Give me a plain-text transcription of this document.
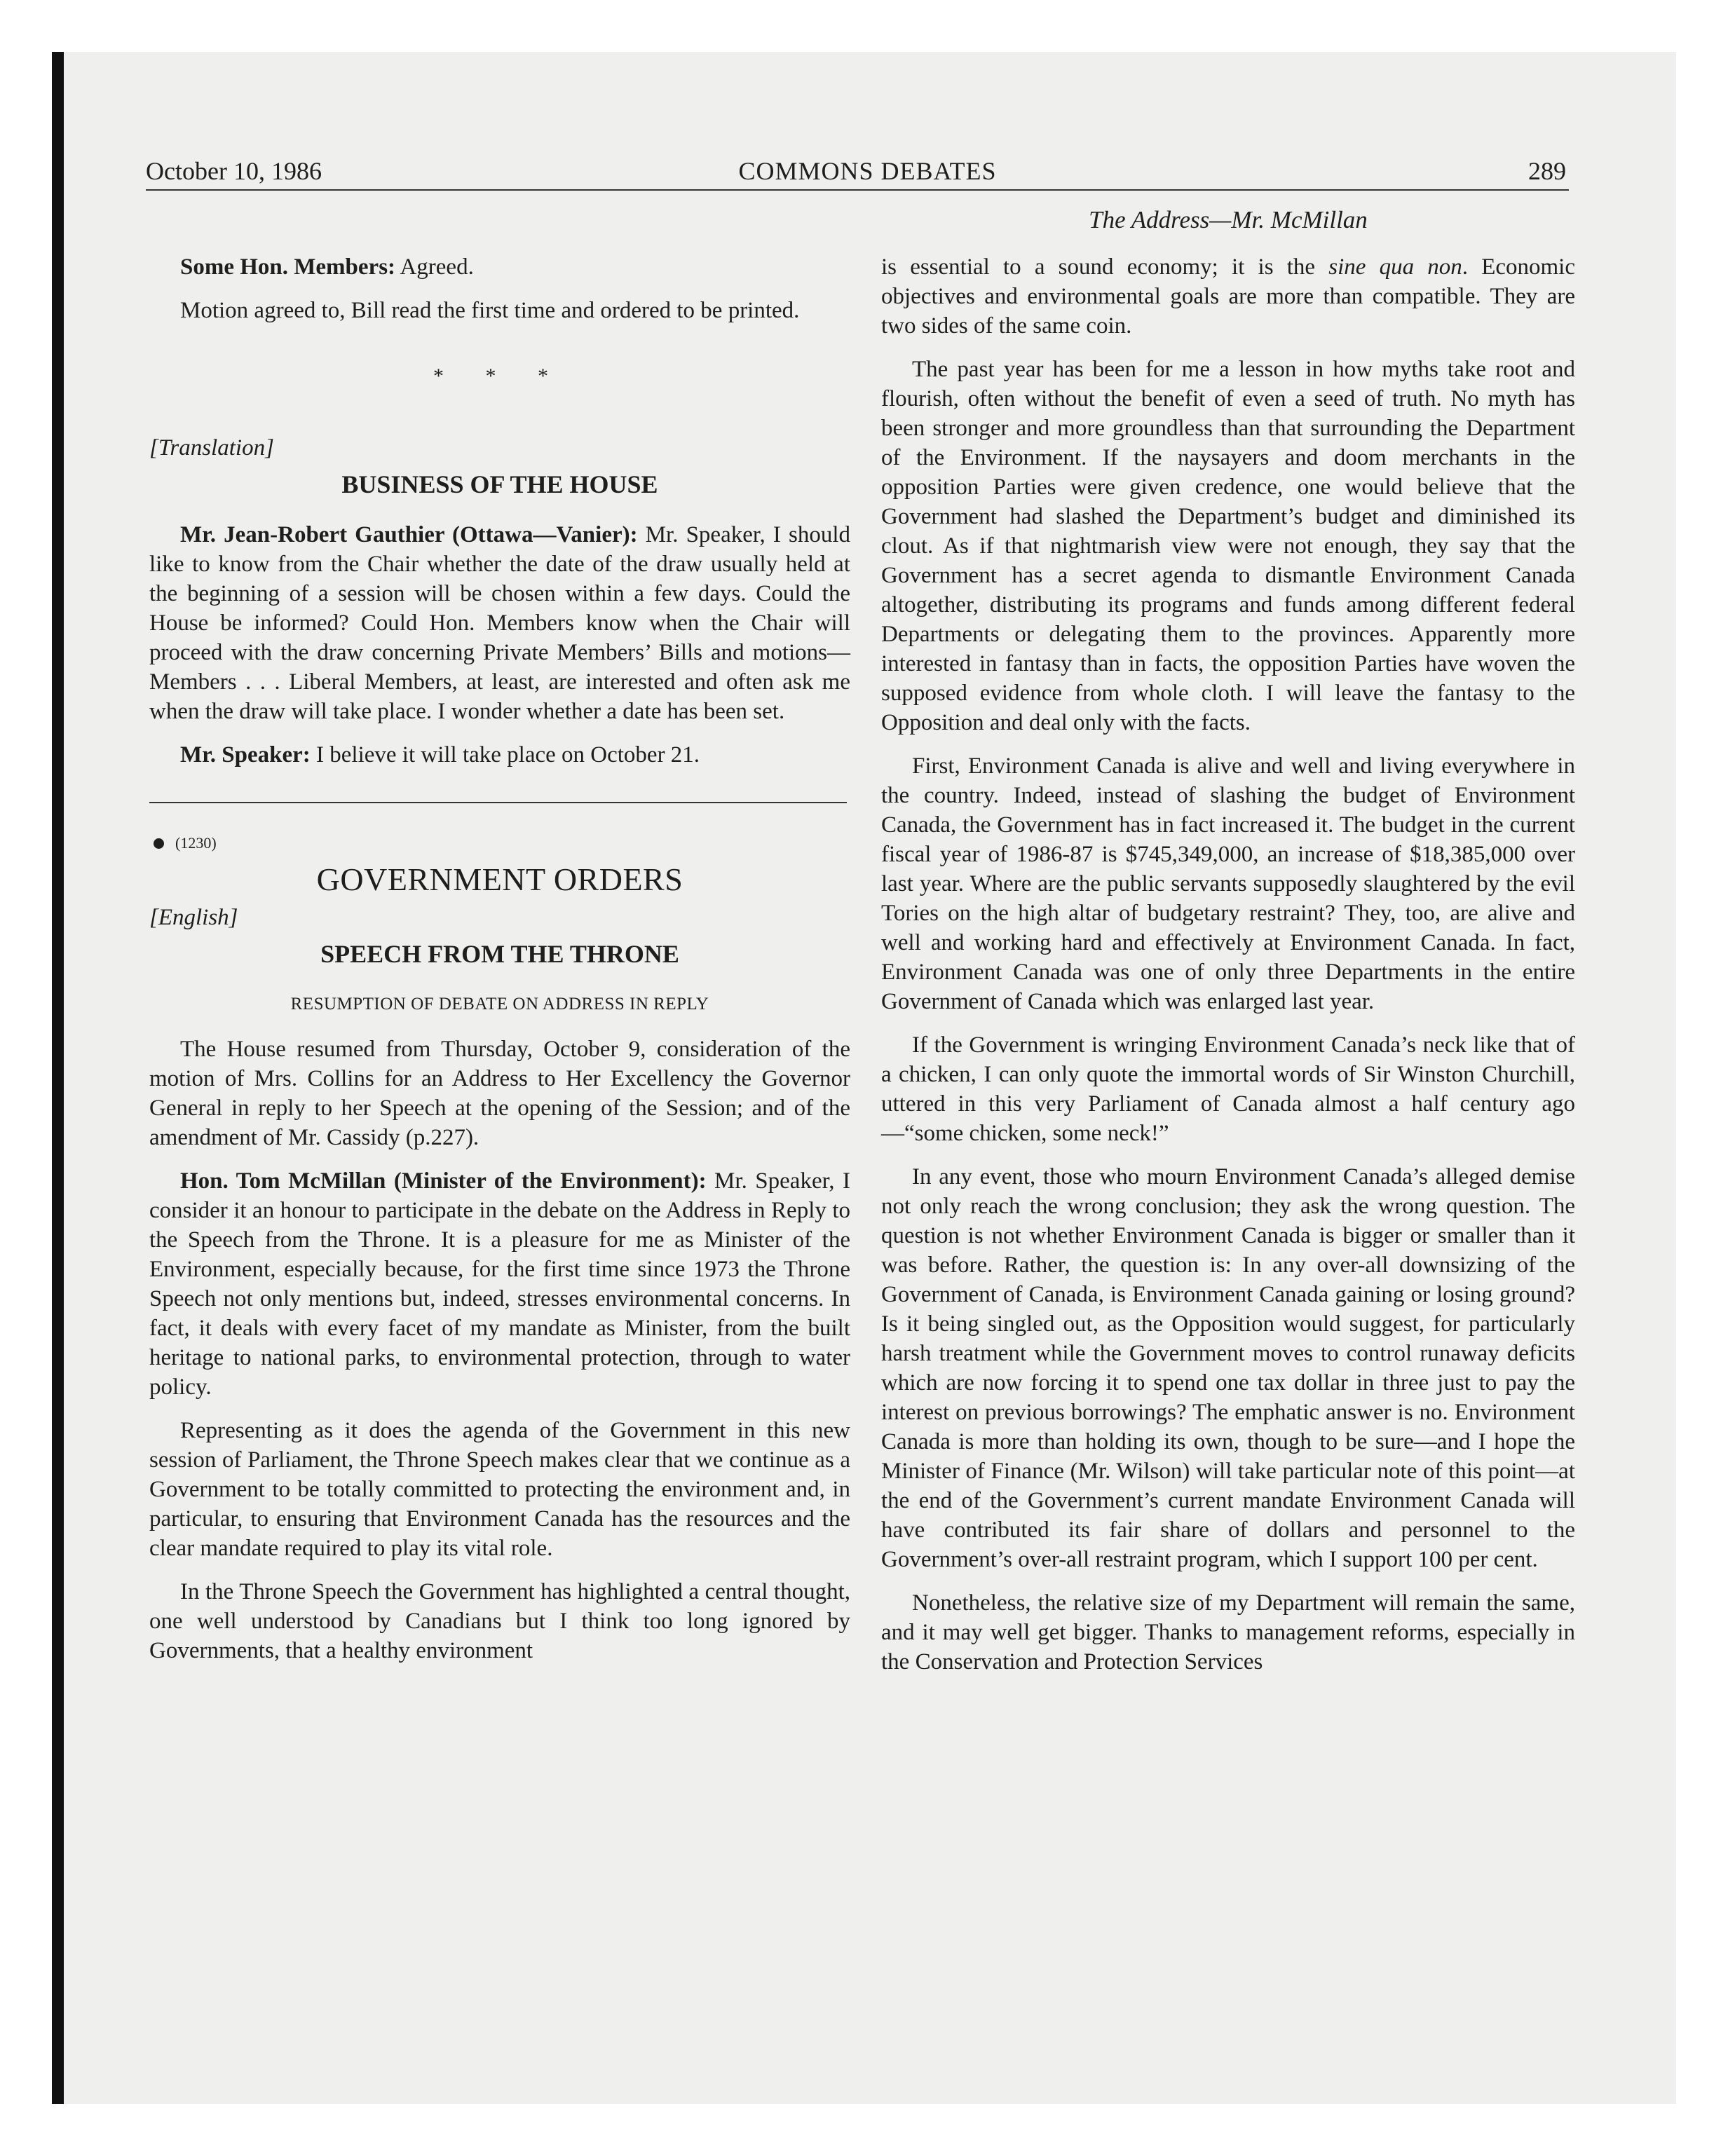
October 10, 1986	COMMONS DEBATES	289
The Address—Mr. McMillan

Some Hon. Members: Agreed.

Motion agreed to, Bill read the first time and ordered to be printed.

* * *

[Translation]

BUSINESS OF THE HOUSE

Mr. Jean-Robert Gauthier (Ottawa—Vanier): Mr. Speaker, I should like to know from the Chair whether the date of the draw usually held at the beginning of a session will be chosen within a few days. Could the House be informed? Could Hon. Members know when the Chair will proceed with the draw concerning Private Members’ Bills and motions—Members . . . Liberal Members, at least, are interested and often ask me when the draw will take place. I wonder whether a date has been set.

Mr. Speaker: I believe it will take place on October 21.

(1230)

GOVERNMENT ORDERS

[English]

SPEECH FROM THE THRONE

RESUMPTION OF DEBATE ON ADDRESS IN REPLY

The House resumed from Thursday, October 9, consideration of the motion of Mrs. Collins for an Address to Her Excellency the Governor General in reply to her Speech at the opening of the Session; and of the amendment of Mr. Cassidy (p.227).

Hon. Tom McMillan (Minister of the Environment): Mr. Speaker, I consider it an honour to participate in the debate on the Address in Reply to the Speech from the Throne. It is a pleasure for me as Minister of the Environment, especially because, for the first time since 1973 the Throne Speech not only mentions but, indeed, stresses environmental concerns. In fact, it deals with every facet of my mandate as Minister, from the built heritage to national parks, to environmental protection, through to water policy.

Representing as it does the agenda of the Government in this new session of Parliament, the Throne Speech makes clear that we continue as a Government to be totally committed to protecting the environment and, in particular, to ensuring that Environment Canada has the resources and the clear mandate required to play its vital role.

In the Throne Speech the Government has highlighted a central thought, one well understood by Canadians but I think too long ignored by Governments, that a healthy environment

is essential to a sound economy; it is the sine qua non. Economic objectives and environmental goals are more than compatible. They are two sides of the same coin.

The past year has been for me a lesson in how myths take root and flourish, often without the benefit of even a seed of truth. No myth has been stronger and more groundless than that surrounding the Department of the Environment. If the naysayers and doom merchants in the opposition Parties were given credence, one would believe that the Government had slashed the Department’s budget and diminished its clout. As if that nightmarish view were not enough, they say that the Government has a secret agenda to dismantle Environment Canada altogether, distributing its programs and funds among different federal Departments or delegating them to the provinces. Apparently more interested in fantasy than in facts, the opposition Parties have woven the supposed evidence from whole cloth. I will leave the fantasy to the Opposition and deal only with the facts.

First, Environment Canada is alive and well and living everywhere in the country. Indeed, instead of slashing the budget of Environment Canada, the Government has in fact increased it. The budget in the current fiscal year of 1986-87 is $745,349,000, an increase of $18,385,000 over last year. Where are the public servants supposedly slaughtered by the evil Tories on the high altar of budgetary restraint? They, too, are alive and well and working hard and effectively at Environment Canada. In fact, Environment Canada was one of only three Departments in the entire Government of Canada which was enlarged last year.

If the Government is wringing Environment Canada’s neck like that of a chicken, I can only quote the immortal words of Sir Winston Churchill, uttered in this very Parliament of Canada almost a half century ago—“some chicken, some neck!”

In any event, those who mourn Environment Canada’s alleged demise not only reach the wrong conclusion; they ask the wrong question. The question is not whether Environment Canada is bigger or smaller than it was before. Rather, the question is: In any over-all downsizing of the Government of Canada, is Environment Canada gaining or losing ground? Is it being singled out, as the Opposition would suggest, for particularly harsh treatment while the Government moves to control runaway deficits which are now forcing it to spend one tax dollar in three just to pay the interest on previous borrowings? The emphatic answer is no. Environment Canada is more than holding its own, though to be sure—and I hope the Minister of Finance (Mr. Wilson) will take particular note of this point—at the end of the Government’s current mandate Environment Canada will have contributed its fair share of dollars and personnel to the Government’s over-all restraint program, which I support 100 per cent.

Nonetheless, the relative size of my Department will remain the same, and it may well get bigger. Thanks to management reforms, especially in the Conservation and Protection Services
